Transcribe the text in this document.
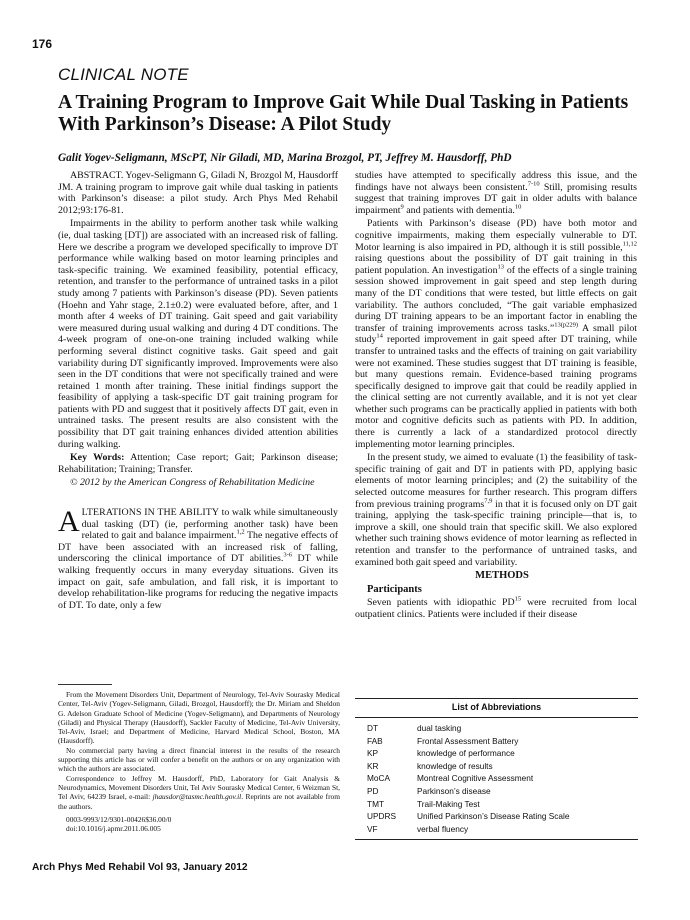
176
CLINICAL NOTE
A Training Program to Improve Gait While Dual Tasking in Patients With Parkinson’s Disease: A Pilot Study
Galit Yogev-Seligmann, MScPT, Nir Giladi, MD, Marina Brozgol, PT, Jeffrey M. Hausdorff, PhD

ABSTRACT. Yogev-Seligmann G, Giladi N, Brozgol M, Hausdorff JM. A training program to improve gait while dual tasking in patients with Parkinson’s disease: a pilot study. Arch Phys Med Rehabil 2012;93:176-81.

Impairments in the ability to perform another task while walking (ie, dual tasking [DT]) are associated with an increased risk of falling. Here we describe a program we developed specifically to improve DT performance while walking based on motor learning principles and task-specific training. We examined feasibility, potential efficacy, retention, and transfer to the performance of untrained tasks in a pilot study among 7 patients with Parkinson’s disease (PD). Seven patients (Hoehn and Yahr stage, 2.1±0.2) were evaluated before, after, and 1 month after 4 weeks of DT training. Gait speed and gait variability were measured during usual walking and during 4 DT conditions. The 4-week program of one-on-one training included walking while performing several distinct cognitive tasks. Gait speed and gait variability during DT significantly improved. Improvements were also seen in the DT conditions that were not specifically trained and were retained 1 month after training. These initial findings support the feasibility of applying a task-specific DT gait training program for patients with PD and suggest that it positively affects DT gait, even in untrained tasks. The present results are also consistent with the possibility that DT gait training enhances divided attention abilities during walking.

Key Words: Attention; Case report; Gait; Parkinson disease; Rehabilitation; Training; Transfer.

© 2012 by the American Congress of Rehabilitation Medicine

ALTERATIONS IN THE ABILITY to walk while simultaneously dual tasking (DT) (ie, performing another task) have been related to gait and balance impairment.$^{1,2}$ The negative effects of DT have been associated with an increased risk of falling, underscoring the clinical importance of DT abilities.$^{3-6}$ DT while walking frequently occurs in many everyday situations. Given its impact on gait, safe ambulation, and fall risk, it is important to develop rehabilitation-like programs for reducing the negative impacts of DT. To date, only a few

studies have attempted to specifically address this issue, and the findings have not always been consistent.$^{7-10}$ Still, promising results suggest that training improves DT gait in older adults with balance impairment$^9$ and patients with dementia.$^{10}$

Patients with Parkinson’s disease (PD) have both motor and cognitive impairments, making them especially vulnerable to DT. Motor learning is also impaired in PD, although it is still possible,$^{11,12}$ raising questions about the possibility of DT gait training in this patient population. An investigation$^{13}$ of the effects of a single training session showed improvement in gait speed and step length during many of the DT conditions that were tested, but little effects on gait variability. The authors concluded, “The gait variable emphasized during DT training appears to be an important factor in enabling the transfer of training improvements across tasks.”$^{13(p229)}$ A small pilot study$^{14}$ reported improvement in gait speed after DT training, while transfer to untrained tasks and the effects of training on gait variability were not examined. These studies suggest that DT training is feasible, but many questions remain. Evidence-based training programs specifically designed to improve gait that could be readily applied in the clinical setting are not currently available, and it is not yet clear whether such programs can be practically applied in patients with both motor and cognitive deficits such as patients with PD. In addition, there is currently a lack of a standardized protocol directly implementing motor learning principles.

In the present study, we aimed to evaluate (1) the feasibility of task-specific training of gait and DT in patients with PD, applying basic elements of motor learning principles; and (2) the suitability of the selected outcome measures for further research. This program differs from previous training programs$^{7,9}$ in that it is focused only on DT gait training, applying the task-specific training principle—that is, to improve a skill, one should train that specific skill. We also explored whether such training shows evidence of motor learning as reflected in retention and transfer to the performance of untrained tasks, and examined both gait speed and variability.

METHODS

Participants

Seven patients with idiopathic PD$^{15}$ were recruited from local outpatient clinics. Patients were included if their disease

From the Movement Disorders Unit, Department of Neurology, Tel-Aviv Sourasky Medical Center, Tel-Aviv (Yogev-Seligmann, Giladi, Brozgol, Hausdorff); the Dr. Miriam and Sheldon G. Adelson Graduate School of Medicine (Yogev-Seligmann), and Departments of Neurology (Giladi) and Physical Therapy (Hausdorff), Sackler Faculty of Medicine, Tel-Aviv University, Tel-Aviv, Israel; and Department of Medicine, Harvard Medical School, Boston, MA (Hausdorff).

No commercial party having a direct financial interest in the results of the research supporting this article has or will confer a benefit on the authors or on any organization with which the authors are associated.

Correspondence to Jeffrey M. Hausdorff, PhD, Laboratory for Gait Analysis & Neurodynamics, Movement Disorders Unit, Tel Aviv Sourasky Medical Center, 6 Weizman St, Tel Aviv, 64239 Israel, e-mail: jhausdor@tasmc.health.gov.il. Reprints are not available from the authors.

0003-9993/12/9301-00426$36.00/0

doi:10.1016/j.apmr.2011.06.005

List of Abbreviations
DT	dual tasking
FAB	Frontal Assessment Battery
KP	knowledge of performance
KR	knowledge of results
MoCA	Montreal Cognitive Assessment
PD	Parkinson’s disease
TMT	Trail-Making Test
UPDRS	Unified Parkinson’s Disease Rating Scale
VF	verbal fluency
Arch Phys Med Rehabil Vol 93, January 2012
